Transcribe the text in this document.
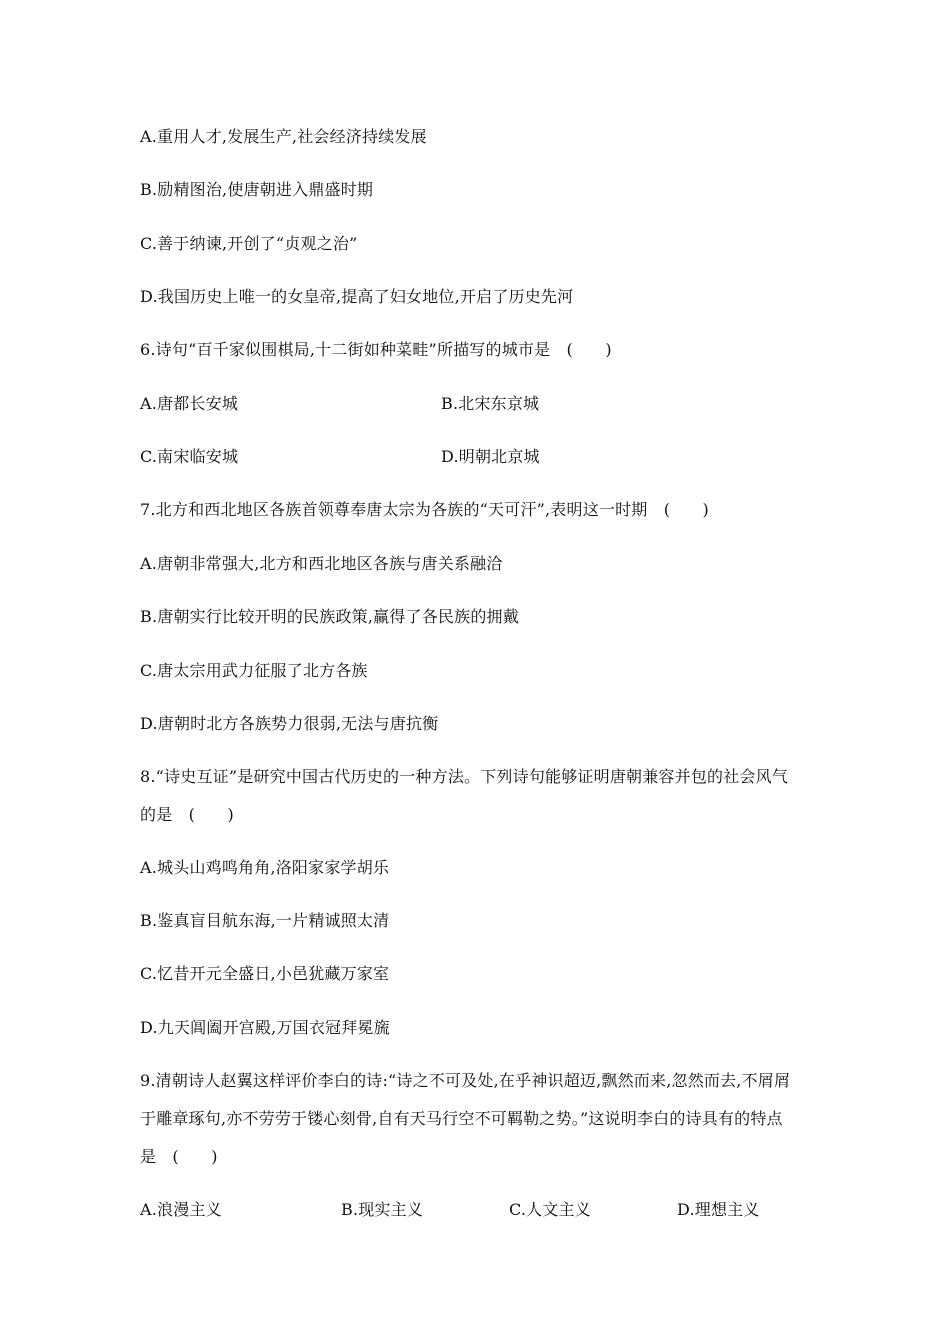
A.重用人才,发展生产,社会经济持续发展
B.励精图治,使唐朝进入鼎盛时期
C.善于纳谏,开创了“贞观之治”
D.我国历史上唯一的女皇帝,提高了妇女地位,开启了历史先河
6.诗句“百千家似围棋局,十二街如种菜畦”所描写的城市是　(　　)
A.唐都长安城	B.北宋东京城
C.南宋临安城	D.明朝北京城
7.北方和西北地区各族首领尊奉唐太宗为各族的“天可汗”,表明这一时期　(　　)
A.唐朝非常强大,北方和西北地区各族与唐关系融洽
B.唐朝实行比较开明的民族政策,赢得了各民族的拥戴
C.唐太宗用武力征服了北方各族
D.唐朝时北方各族势力很弱,无法与唐抗衡
8.“诗史互证”是研究中国古代历史的一种方法。下列诗句能够证明唐朝兼容并包的社会风气
的是　(　　)
A.城头山鸡鸣角角,洛阳家家学胡乐
B.鉴真盲目航东海,一片精诚照太清
C.忆昔开元全盛日,小邑犹藏万家室
D.九天阊阖开宫殿,万国衣冠拜冕旒
9.清朝诗人赵翼这样评价李白的诗:“诗之不可及处,在乎神识超迈,飘然而来,忽然而去,不屑屑
于雕章琢句,亦不劳劳于镂心刻骨,自有天马行空不可羁勒之势。”这说明李白的诗具有的特点
是　(　　)
A.浪漫主义	B.现实主义	C.人文主义	D.理想主义
